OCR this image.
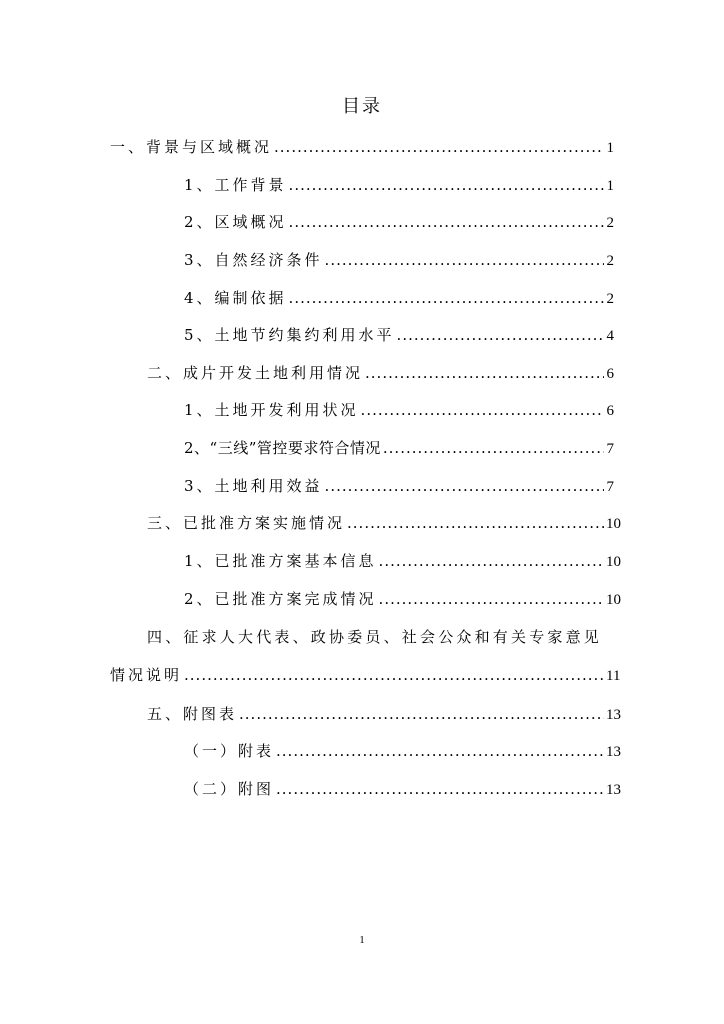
目录
一、背景与区域概况 .....	1
1、工作背景 .....	1
2、区域概况 .....	2
3、自然经济条件 .....	2
4、编制依据 .....	2
5、土地节约集约利用水平 .....	4
二、成片开发土地利用情况 .....	6
1、土地开发利用状况 .....	6
2、“三线”管控要求符合情况 .....	7
3、土地利用效益 .....	7
三、已批准方案实施情况 .....	10
1、已批准方案基本信息 .....	10
2、已批准方案完成情况 .....	10
四、征求人大代表、政协委员、社会公众和有关专家意见
情况说明 .....	11
五、附图表 .....	13
（一）附表 .....	13
（二）附图 .....	13
1
